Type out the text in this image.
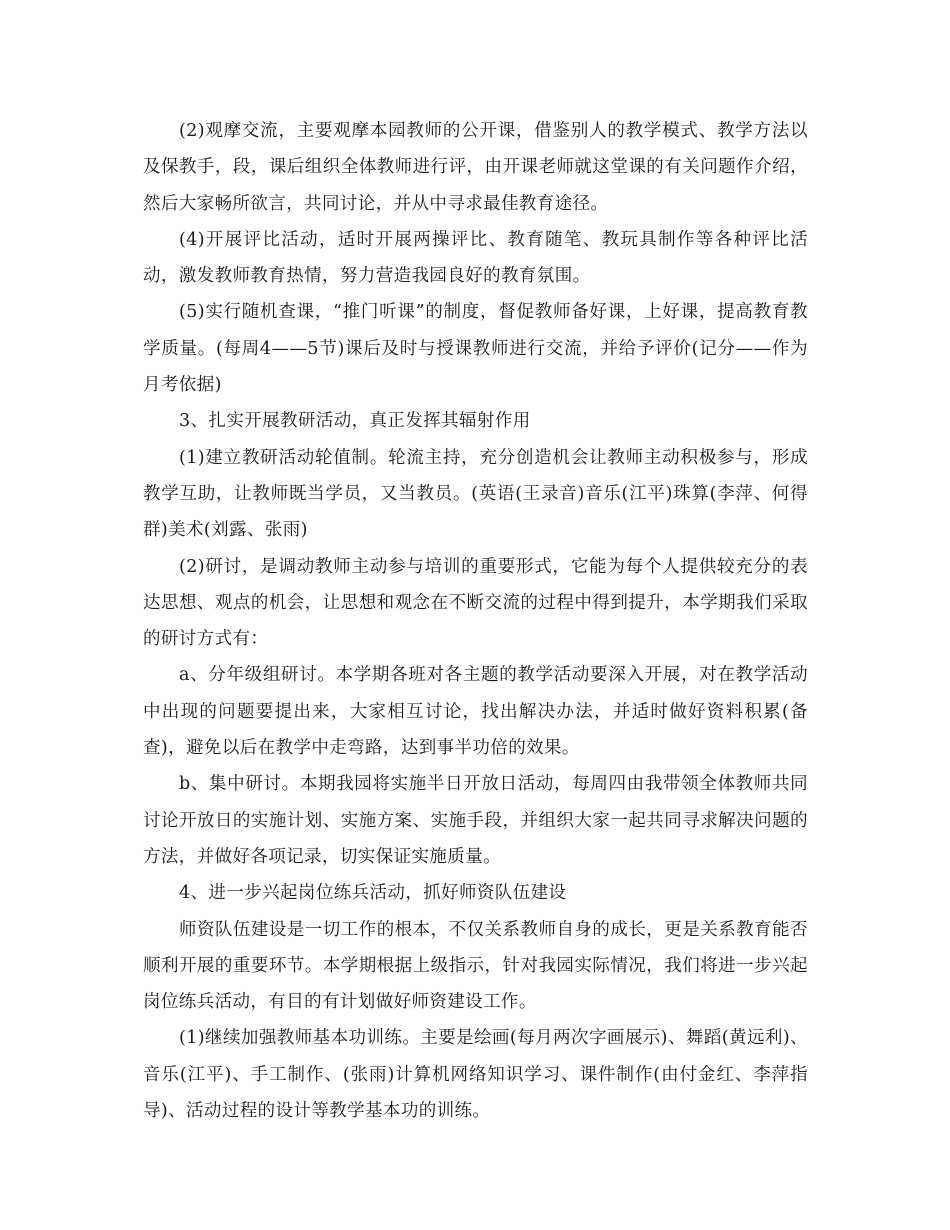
(2)观摩交流，主要观摩本园教师的公开课，借鉴别人的教学模式、教学方法以及保教手，段，课后组织全体教师进行评，由开课老师就这堂课的有关问题作介绍，然后大家畅所欲言，共同讨论，并从中寻求最佳教育途径。

(4)开展评比活动，适时开展两操评比、教育随笔、教玩具制作等各种评比活动，激发教师教育热情，努力营造我园良好的教育氛围。

(5)实行随机查课，“推门听课”的制度，督促教师备好课，上好课，提高教育教学质量。(每周4——5节)课后及时与授课教师进行交流，并给予评价(记分——作为月考依据)

3、扎实开展教研活动，真正发挥其辐射作用

(1)建立教研活动轮值制。轮流主持，充分创造机会让教师主动积极参与，形成教学互助，让教师既当学员，又当教员。(英语(王录音)音乐(江平)珠算(李萍、何得群)美术(刘露、张雨)

(2)研讨，是调动教师主动参与培训的重要形式，它能为每个人提供较充分的表达思想、观点的机会，让思想和观念在不断交流的过程中得到提升，本学期我们采取的研讨方式有：

a、分年级组研讨。本学期各班对各主题的教学活动要深入开展，对在教学活动中出现的问题要提出来，大家相互讨论，找出解决办法，并适时做好资料积累(备查)，避免以后在教学中走弯路，达到事半功倍的效果。

b、集中研讨。本期我园将实施半日开放日活动，每周四由我带领全体教师共同讨论开放日的实施计划、实施方案、实施手段，并组织大家一起共同寻求解决问题的方法，并做好各项记录，切实保证实施质量。

4、进一步兴起岗位练兵活动，抓好师资队伍建设

师资队伍建设是一切工作的根本，不仅关系教师自身的成长，更是关系教育能否顺利开展的重要环节。本学期根据上级指示，针对我园实际情况，我们将进一步兴起岗位练兵活动，有目的有计划做好师资建设工作。

(1)继续加强教师基本功训练。主要是绘画(每月两次字画展示)、舞蹈(黄远利)、音乐(江平)、手工制作、(张雨)计算机网络知识学习、课件制作(由付金红、李萍指导)、活动过程的设计等教学基本功的训练。
